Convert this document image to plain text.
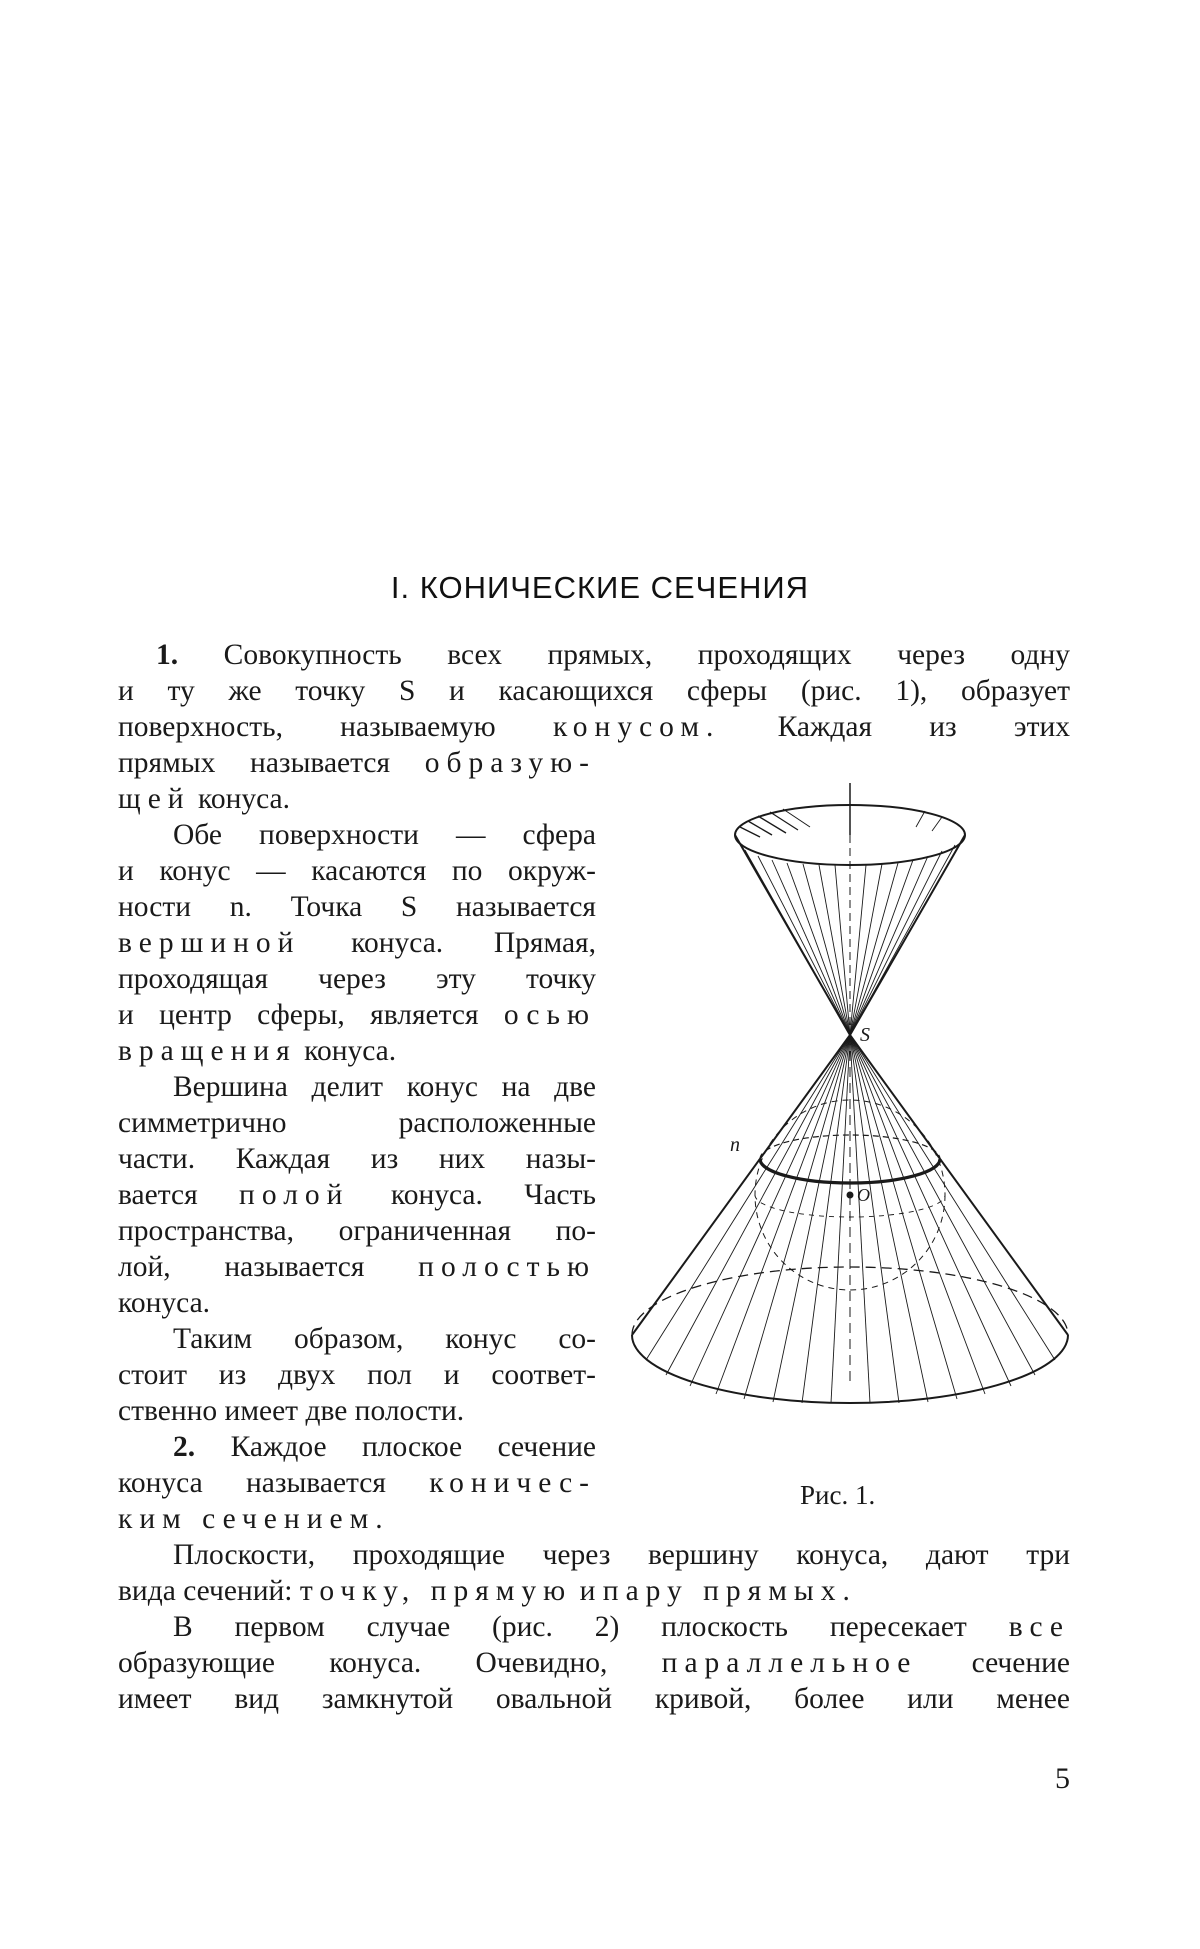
I. КОНИЧЕСКИЕ СЕЧЕНИЯ
1. Совокупность всех прямых, проходящих через одну
и ту же точку S и касающихся сферы (рис. 1), образует
поверхность, называемую конусом. Каждая из этих
прямых называется образую-
щей конуса.
Обе поверхности — сфера
и конус — касаются по окруж-
ности n. Точка S называется
вершиной конуса. Прямая,
проходящая через эту точку
и центр сферы, является осью
вращения конуса.
Вершина делит конус на две
симметрично расположенные
части. Каждая из них назы-
вается полой конуса. Часть
пространства, ограниченная по-
лой, называется полостью
конуса.
Таким образом, конус со-
стоит из двух пол и соответ-
ственно имеет две полости.
2. Каждое плоское сечение
конуса называется коничес-
ким сечением.
Плоскости, проходящие через вершину конуса, дают три
вида сечений: точку, прямую и пару прямых.
В первом случае (рис. 2) плоскость пересекает все
образующие конуса. Очевидно, параллельное сечение
имеет вид замкнутой овальной кривой, более или менее
S
n
O
Рис. 1.
5
